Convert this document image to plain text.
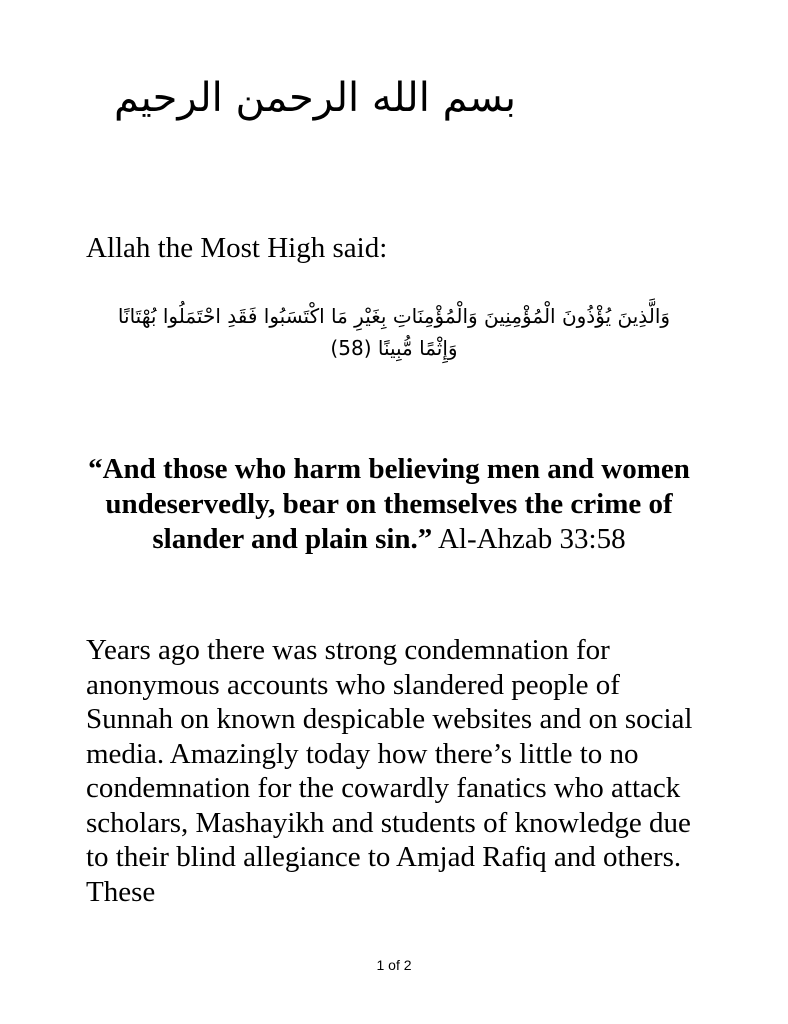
بسم الله الرحمن الرحيم
Allah the Most High said:
وَالَّذِينَ يُؤْذُونَ الْمُؤْمِنِينَ وَالْمُؤْمِنَاتِ بِغَيْرِ مَا اكْتَسَبُوا فَقَدِ احْتَمَلُوا بُهْتَانًا وَإِثْمًا مُّبِينًا (58)
“And those who harm believing men and women undeservedly, bear on themselves the crime of slander and plain sin.” Al-Ahzab 33:58
Years ago there was strong condemnation for anonymous accounts who slandered people of Sunnah on known despicable websites and on social media. Amazingly today how there’s little to no condemnation for the cowardly fanatics who attack scholars, Mashayikh and students of knowledge due to their blind allegiance to Amjad Rafiq and others. These
1 of 2
